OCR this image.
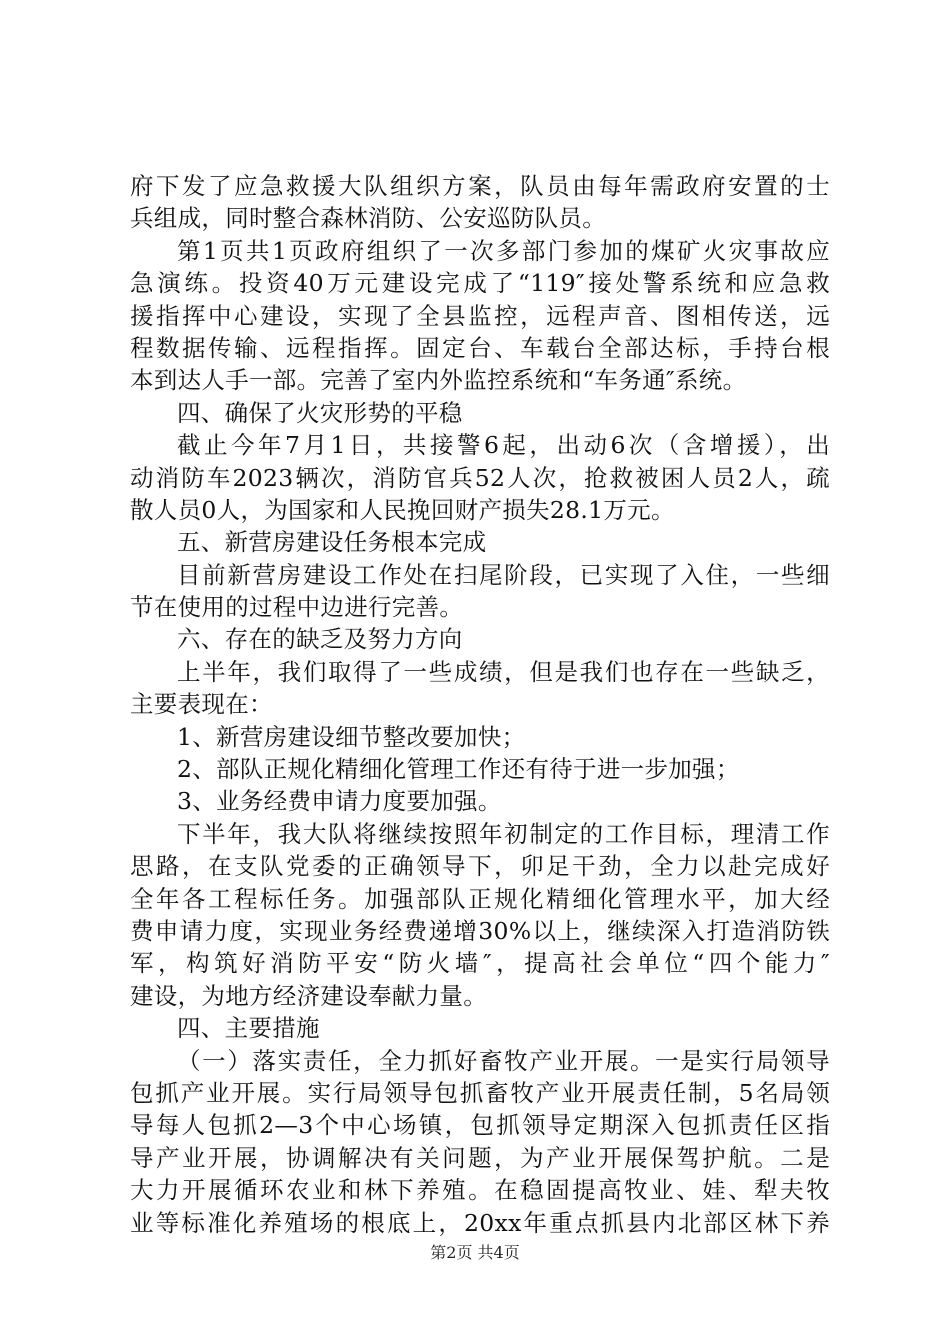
府下发了应急救援大队组织方案，队员由每年需政府安置的士
兵组成，同时整合森林消防、公安巡防队员。
第1页共1页政府组织了一次多部门参加的煤矿火灾事故应
急演练。投资40万元建设完成了“119″接处警系统和应急救
援指挥中心建设，实现了全县监控，远程声音、图相传送，远
程数据传输、远程指挥。固定台、车载台全部达标，手持台根
本到达人手一部。完善了室内外监控系统和“车务通″系统。
四、确保了火灾形势的平稳
截止今年7月1日，共接警6起，出动6次（含增援），出
动消防车2023辆次，消防官兵52人次，抢救被困人员2人，疏
散人员0人，为国家和人民挽回财产损失28.1万元。
五、新营房建设任务根本完成
目前新营房建设工作处在扫尾阶段，已实现了入住，一些细
节在使用的过程中边进行完善。
六、存在的缺乏及努力方向
上半年，我们取得了一些成绩，但是我们也存在一些缺乏，
主要表现在：
1、新营房建设细节整改要加快；
2、部队正规化精细化管理工作还有待于进一步加强；
3、业务经费申请力度要加强。
下半年，我大队将继续按照年初制定的工作目标，理清工作
思路，在支队党委的正确领导下，卯足干劲，全力以赴完成好
全年各工程标任务。加强部队正规化精细化管理水平，加大经
费申请力度，实现业务经费递增30%以上，继续深入打造消防铁
军，构筑好消防平安“防火墙″，提高社会单位“四个能力″
建设，为地方经济建设奉献力量。
四、主要措施
（一）落实责任，全力抓好畜牧产业开展。一是实行局领导
包抓产业开展。实行局领导包抓畜牧产业开展责任制，5名局领
导每人包抓2—3个中心场镇，包抓领导定期深入包抓责任区指
导产业开展，协调解决有关问题，为产业开展保驾护航。二是
大力开展循环农业和林下养殖。在稳固提高牧业、娃、犁夫牧
业等标准化养殖场的根底上，20xx年重点抓县内北部区林下养
第2页 共4页
